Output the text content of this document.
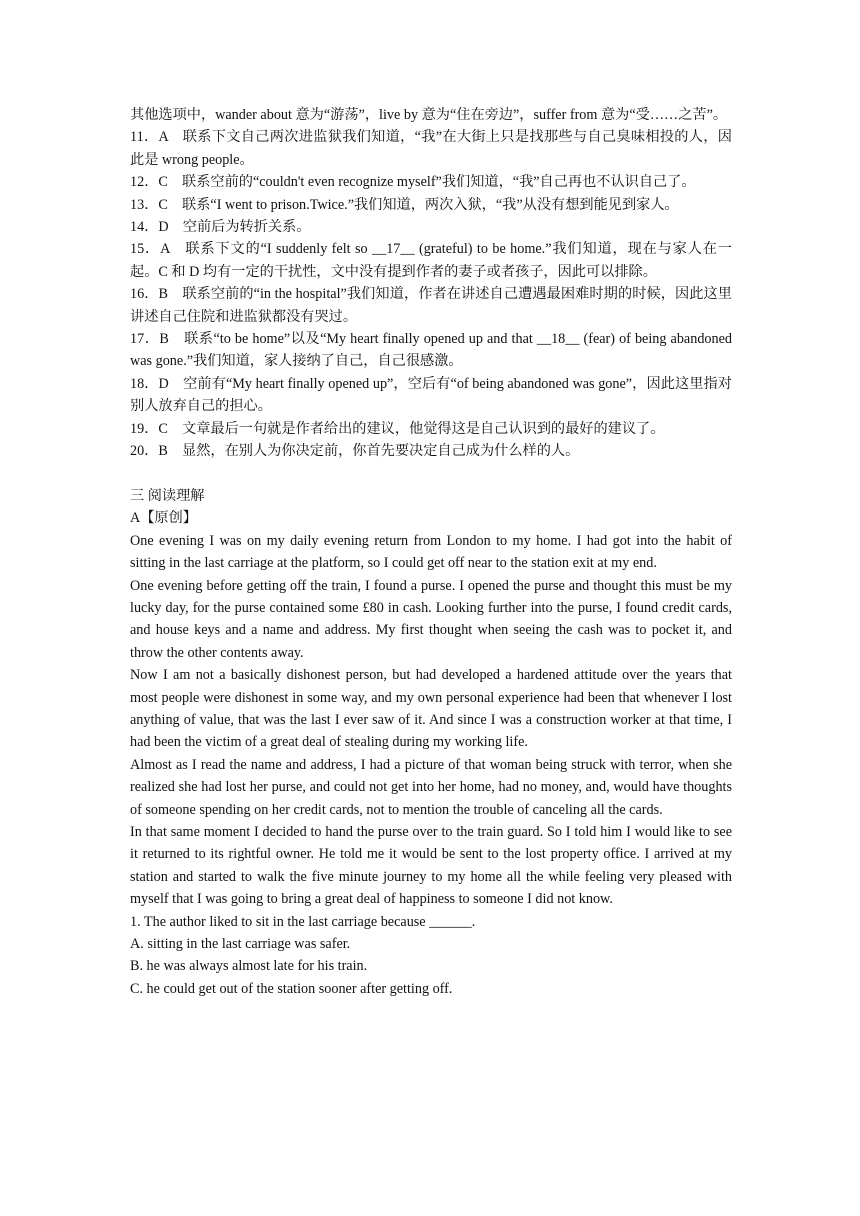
其他选项中，wander about 意为“游荡”，live by 意为“住在旁边”，suffer from 意为“受……之苦”。

11．A　联系下文自己两次进监狱我们知道，“我”在大街上只是找那些与自己臭味相投的人，因此是 wrong people。

12．C　联系空前的“couldn't even recognize myself”我们知道，“我”自己再也不认识自己了。

13．C　联系“I went to prison.Twice.”我们知道，两次入狱，“我”从没有想到能见到家人。

14．D　空前后为转折关系。

15．A　联系下文的“I suddenly felt so __17__ (grateful) to be home.”我们知道，现在与家人在一起。C 和 D 均有一定的干扰性，文中没有提到作者的妻子或者孩子，因此可以排除。

16．B　联系空前的“in the hospital”我们知道，作者在讲述自己遭遇最困难时期的时候，因此这里讲述自己住院和进监狱都没有哭过。

17．B　联系“to be home”以及“My heart finally opened up and that __18__ (fear) of being abandoned was gone.”我们知道，家人接纳了自己，自己很感激。

18．D　空前有“My heart finally opened up”，空后有“of being abandoned was gone”，因此这里指对别人放弃自己的担心。

19．C　文章最后一句就是作者给出的建议，他觉得这是自己认识到的最好的建议了。

20．B　显然，在别人为你决定前，你首先要决定自己成为什么样的人。

三 阅读理解

A【原创】

One evening I was on my daily evening return from London to my home. I had got into the habit of sitting in the last carriage at the platform, so I could get off near to the station exit at my end.

One evening before getting off the train, I found a purse. I opened the purse and thought this must be my lucky day, for the purse contained some £80 in cash. Looking further into the purse, I found credit cards, and house keys and a name and address. My first thought when seeing the cash was to pocket it, and throw the other contents away.

Now I am not a basically dishonest person, but had developed a hardened attitude over the years that most people were dishonest in some way, and my own personal experience had been that whenever I lost anything of value, that was the last I ever saw of it. And since I was a construction worker at that time, I had been the victim of a great deal of stealing during my working life.

Almost as I read the name and address, I had a picture of that woman being struck with terror, when she realized she had lost her purse, and could not get into her home, had no money, and, would have thoughts of someone spending on her credit cards, not to mention the trouble of canceling all the cards.

In that same moment I decided to hand the purse over to the train guard. So I told him I would like to see it returned to its rightful owner. He told me it would be sent to the lost property office. I arrived at my station and started to walk the five minute journey to my home all the while feeling very pleased with myself that I was going to bring a great deal of happiness to someone I did not know.

1. The author liked to sit in the last carriage because ______.

A. sitting in the last carriage was safer.

B. he was always almost late for his train.

C. he could get out of the station sooner after getting off.
